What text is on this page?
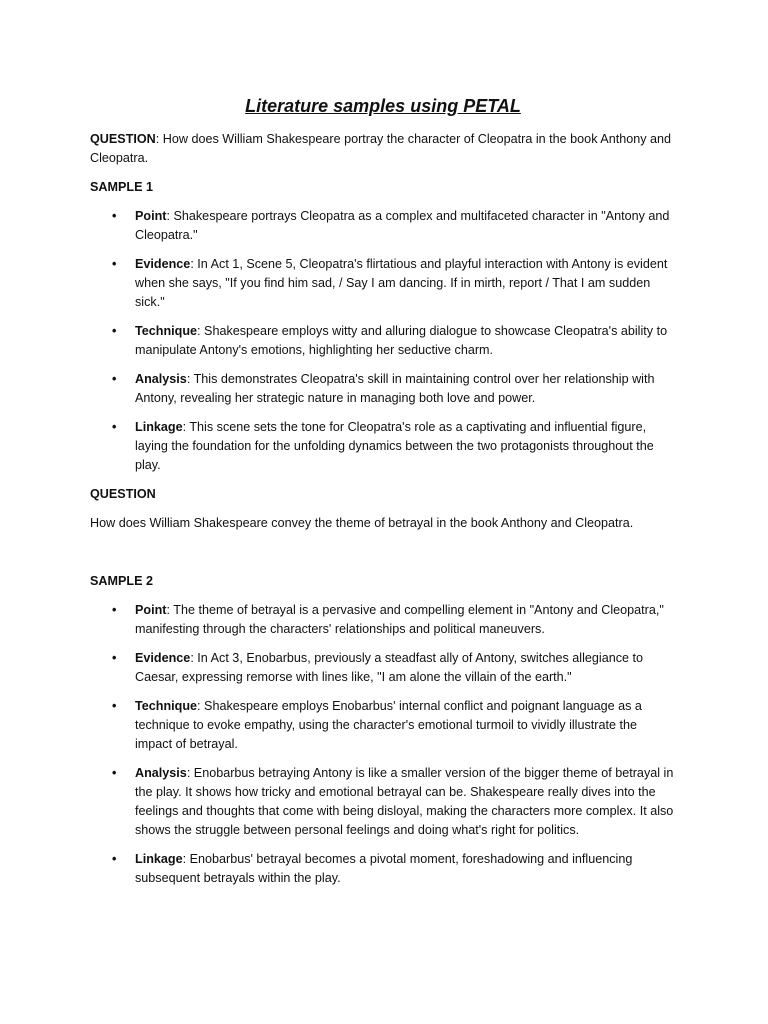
Literature samples using PETAL

QUESTION: How does William Shakespeare portray the character of Cleopatra in the book Anthony and Cleopatra.

SAMPLE 1
• Point: Shakespeare portrays Cleopatra as a complex and multifaceted character in "Antony and Cleopatra."
• Evidence: In Act 1, Scene 5, Cleopatra's flirtatious and playful interaction with Antony is evident when she says, "If you find him sad, / Say I am dancing. If in mirth, report / That I am sudden sick."
• Technique: Shakespeare employs witty and alluring dialogue to showcase Cleopatra's ability to manipulate Antony's emotions, highlighting her seductive charm.
• Analysis: This demonstrates Cleopatra's skill in maintaining control over her relationship with Antony, revealing her strategic nature in managing both love and power.
• Linkage: This scene sets the tone for Cleopatra's role as a captivating and influential figure, laying the foundation for the unfolding dynamics between the two protagonists throughout the play.
QUESTION

How does William Shakespeare convey the theme of betrayal in the book Anthony and Cleopatra.

SAMPLE 2
• Point: The theme of betrayal is a pervasive and compelling element in "Antony and Cleopatra," manifesting through the characters' relationships and political maneuvers.
• Evidence: In Act 3, Enobarbus, previously a steadfast ally of Antony, switches allegiance to Caesar, expressing remorse with lines like, "I am alone the villain of the earth."
• Technique: Shakespeare employs Enobarbus' internal conflict and poignant language as a technique to evoke empathy, using the character's emotional turmoil to vividly illustrate the impact of betrayal.
• Analysis: Enobarbus betraying Antony is like a smaller version of the bigger theme of betrayal in the play. It shows how tricky and emotional betrayal can be. Shakespeare really dives into the feelings and thoughts that come with being disloyal, making the characters more complex. It also shows the struggle between personal feelings and doing what's right for politics.
• Linkage: Enobarbus' betrayal becomes a pivotal moment, foreshadowing and influencing subsequent betrayals within the play.
